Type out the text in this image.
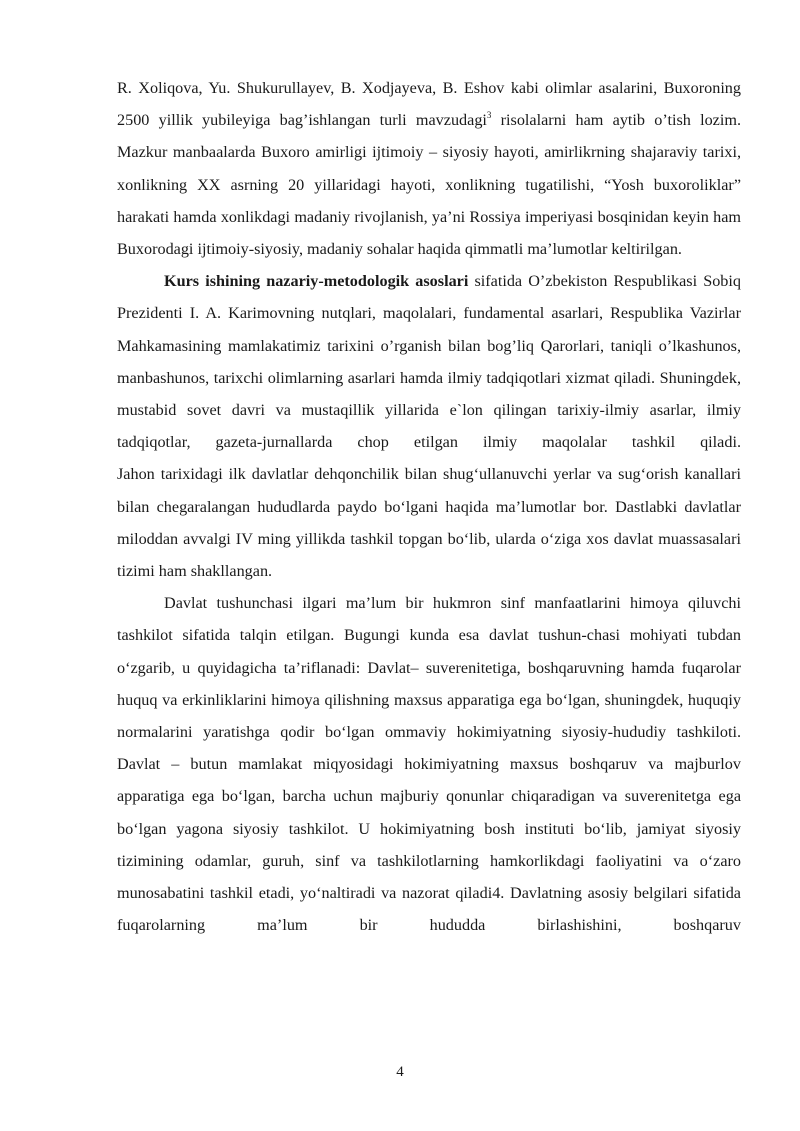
R. Xoliqova, Yu. Shukurullayev, B. Xodjayeva, B. Eshov kabi olimlar asalarini, Buxoroning 2500 yillik yubileyiga bag’ishlangan turli mavzudagi$^3$ risolalarni ham aytib o’tish lozim. Mazkur manbaalarda Buxoro amirligi ijtimoiy – siyosiy hayoti, amirlikrning shajaraviy tarixi, xonlikning XX asrning 20 yillaridagi hayoti, xonlikning tugatilishi, “Yosh buxoroliklar” harakati hamda xonlikdagi madaniy rivojlanish, ya’ni Rossiya imperiyasi bosqinidan keyin ham Buxorodagi ijtimoiy-siyosiy, madaniy sohalar haqida qimmatli ma’lumotlar keltirilgan.

Kurs ishining nazariy-metodologik asoslari sifatida O’zbekiston Respublikasi Sobiq Prezidenti I. A. Karimovning nutqlari, maqolalari, fundamental asarlari, Respublika Vazirlar Mahkamasining mamlakatimiz tarixini o’rganish bilan bog’liq Qarorlari, taniqli o’lkashunos, manbashunos, tarixchi olimlarning asarlari hamda ilmiy tadqiqotlari xizmat qiladi. Shuningdek, mustabid sovet davri va mustaqillik yillarida e`lon qilingan tarixiy-ilmiy asarlar, ilmiy tadqiqotlar, gazeta-jurnallarda chop etilgan ilmiy maqolalar tashkil qiladi.

Jahon tarixidagi ilk davlatlar dehqonchilik bilan shug‘ullanuvchi yerlar va sug‘orish kanallari bilan chegaralangan hududlarda paydo bo‘lgani haqida ma’lumotlar bor. Dastlabki davlatlar miloddan avvalgi IV ming yillikda tashkil topgan bo‘lib, ularda o‘ziga xos davlat muassasalari tizimi ham shakllangan.

Davlat tushunchasi ilgari ma’lum bir hukmron sinf manfaatlarini himoya qiluvchi tashkilot sifatida talqin etilgan. Bugungi kunda esa davlat tushun-chasi mohiyati tubdan o‘zgarib, u quyidagicha ta’riflanadi: Davlat– suverenitetiga, boshqaruvning hamda fuqarolar huquq va erkinliklarini himoya qilishning maxsus apparatiga ega bo‘lgan, shuningdek, huquqiy normalarini yaratishga qodir bo‘lgan ommaviy hokimiyatning siyosiy-hududiy tashkiloti. Davlat – butun mamlakat miqyosidagi hokimiyatning maxsus boshqaruv va majburlov apparatiga ega bo‘lgan, barcha uchun majburiy qonunlar chiqaradigan va suverenitetga ega bo‘lgan yagona siyosiy tashkilot. U hokimiyatning bosh instituti bo‘lib, jamiyat siyosiy tizimining odamlar, guruh, sinf va tashkilotlarning hamkorlikdagi faoliyatini va o‘zaro munosabatini tashkil etadi, yo‘naltiradi va nazorat qiladi4. Davlatning asosiy belgilari sifatida fuqarolarning ma’lum bir hududda birlashishini, boshqaruv

4
